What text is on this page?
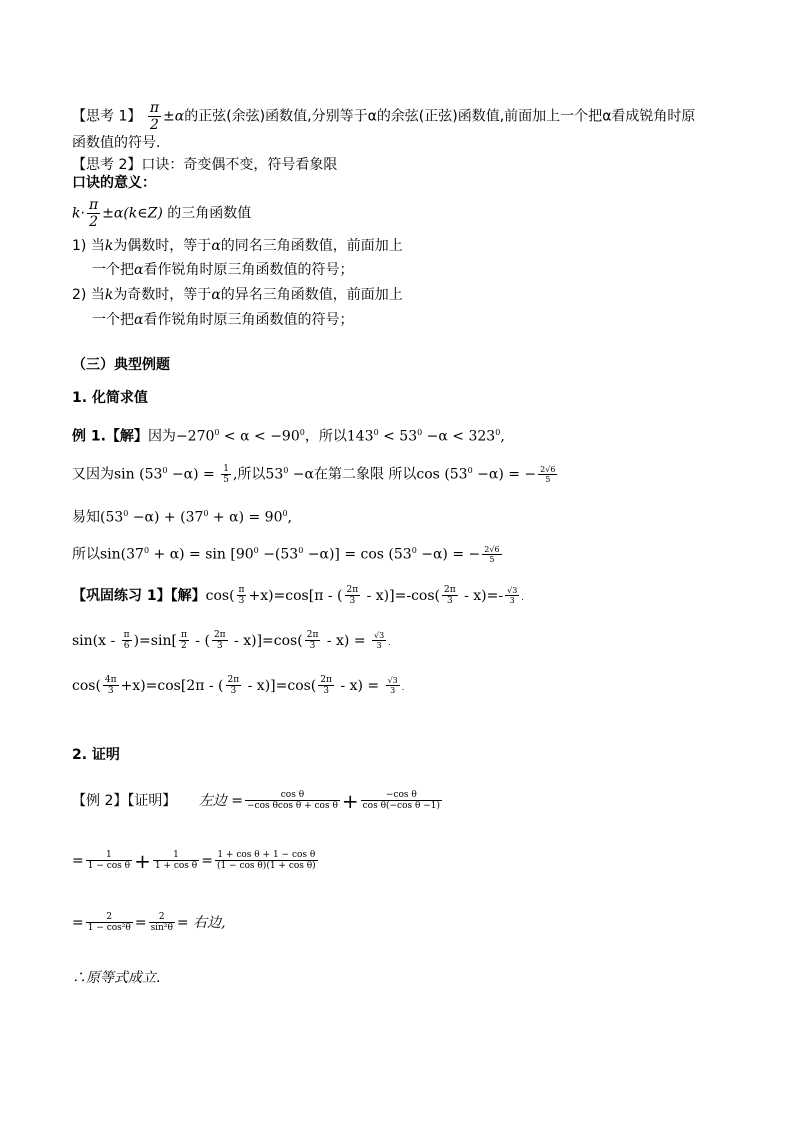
【思考 1】 $\frac{\pi}{2} \pm\alpha$的正弦(余弦)函数值,分别等于α的余弦(正弦)函数值,前面加上一个把α看成锐角时原
函数值的符号.
【思考 2】口诀：奇变偶不变，符号看象限
口诀的意义：
$k\cdot \frac{\pi}{2}$ ±α(k∈Z) 的三角函数值
1) 当k为偶数时，等于α的同名三角函数值，前面加上
一个把α看作锐角时原三角函数值的符号；
2) 当k为奇数时，等于α的异名三角函数值，前面加上
一个把α看作锐角时原三角函数值的符号；
（三）典型例题
1. 化简求值
例 1.【解】因为$-270^0 < \alpha < -90^0$，所以$143^0 < 53^0 -\alpha < 323^0$,
又因为$\sin (53^0 -\alpha) = \frac{1}{5}$ ,所以$53^0 -\alpha$在第二象限 所以$\cos (53^0 -\alpha)$ = − $\frac{2√6}{5}$
易知$(53^0 -\alpha) + (37^0 + \alpha) = 90^0$,
所以$\sin(37^0 + \alpha) = \sin [90^0 -(53^0 -\alpha)] = \cos (53^0 -\alpha)$ = − $\frac{2√6}{5}$
【巩固练习 1】【解】$\cos( \frac{\pi}{3} +x)=\cos[\pi$ - ( $\frac{2\pi}{3} - x)]=-\cos( \frac{2\pi}{3} - x)=- \frac{√3}{3}$ .
$\sin(x - \frac{\pi}{6} )=\sin[ \frac{\pi}{2}$ - ( $\frac{2\pi}{3} - x)]=\cos( \frac{2\pi}{3} - x) = \frac{√3}{3}$ .
$\cos( \frac{4\pi}{3} +x)=\cos[2\pi$ - ( $\frac{2\pi}{3} - x)]=\cos( \frac{2\pi}{3} - x) = \frac{√3}{3}$ .
2. 证明
【例 2】【证明】 左边 = $\frac{\text{cos θ}}{\text{−cos θcos θ + cos θ}} + \frac{\text{−cos θ}}{\text{cos θ(−cos θ −1)}}$
= $\frac{1}{\text{1 − cos θ}} + \frac{1}{\text{1 + cos θ}} = \frac{\text{1 + cos θ + 1 − cos θ}}{\text{(1 − cos θ)(1 + cos θ)}}$
= $\frac{2}{\text{1 − cos²θ}} = \frac{2}{\text{sin²θ}}$ = 右边,
∴原等式成立.
